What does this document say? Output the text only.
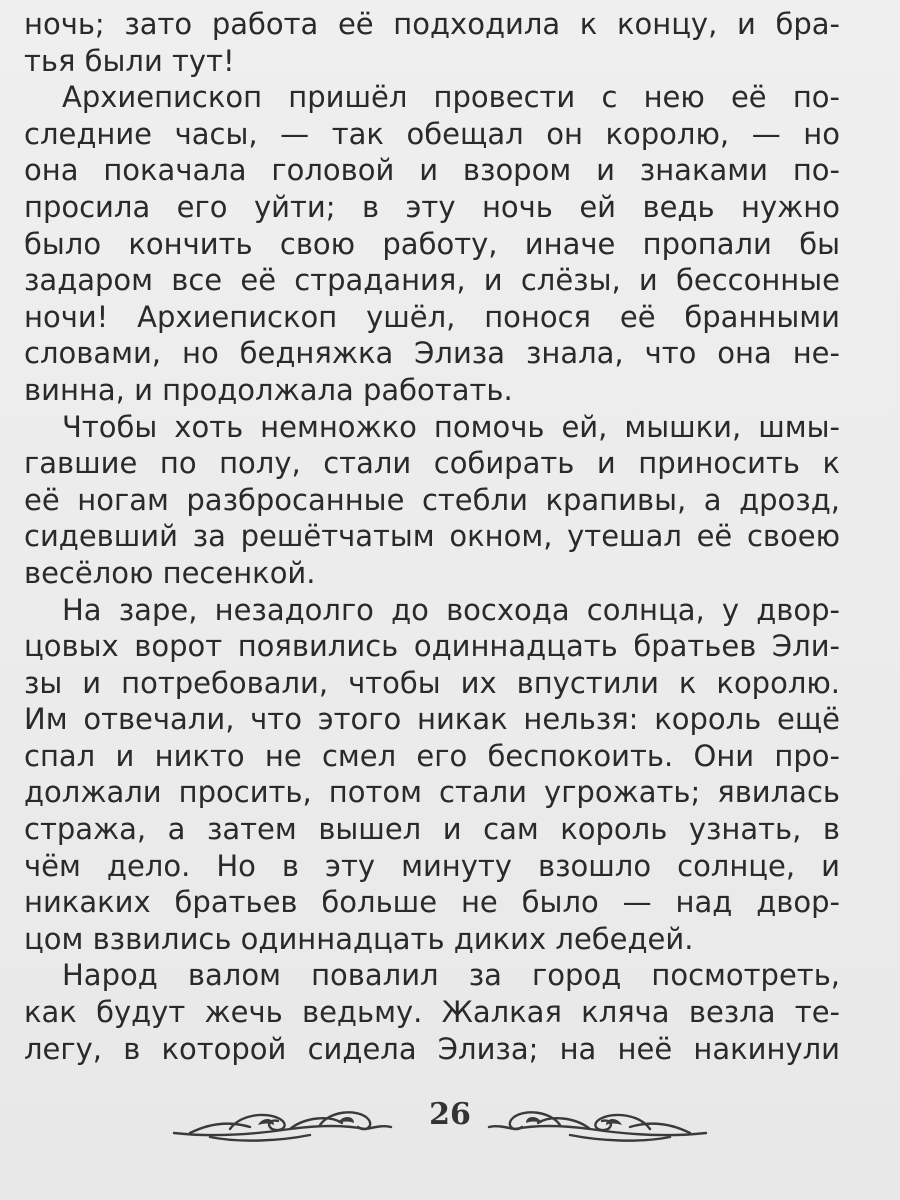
ночь; зато работа её подходила к концу, и бра-
тья были тут!

Архиепископ пришёл провести с нею её по-
следние часы, — так обещал он королю, — но
она покачала головой и взором и знаками по-
просила его уйти; в эту ночь ей ведь нужно
было кончить свою работу, иначе пропали бы
задаром все её страдания, и слёзы, и бессонные
ночи! Архиепископ ушёл, понося её бранными
словами, но бедняжка Элиза знала, что она не-
винна, и продолжала работать.

Чтобы хоть немножко помочь ей, мышки, шмы-
гавшие по полу, стали собирать и приносить к
её ногам разбросанные стебли крапивы, а дрозд,
сидевший за решётчатым окном, утешал её своею
весёлою песенкой.

На заре, незадолго до восхода солнца, у двор-
цовых ворот появились одиннадцать братьев Эли-
зы и потребовали, чтобы их впустили к королю.
Им отвечали, что этого никак нельзя: король ещё
спал и никто не смел его беспокоить. Они про-
должали просить, потом стали угрожать; явилась
стража, а затем вышел и сам король узнать, в
чём дело. Но в эту минуту взошло солнце, и
никаких братьев больше не было — над двор-
цом взвились одиннадцать диких лебедей.

Народ валом повалил за город посмотреть,
как будут жечь ведьму. Жалкая кляча везла те-
легу, в которой сидела Элиза; на неё накинули

26
